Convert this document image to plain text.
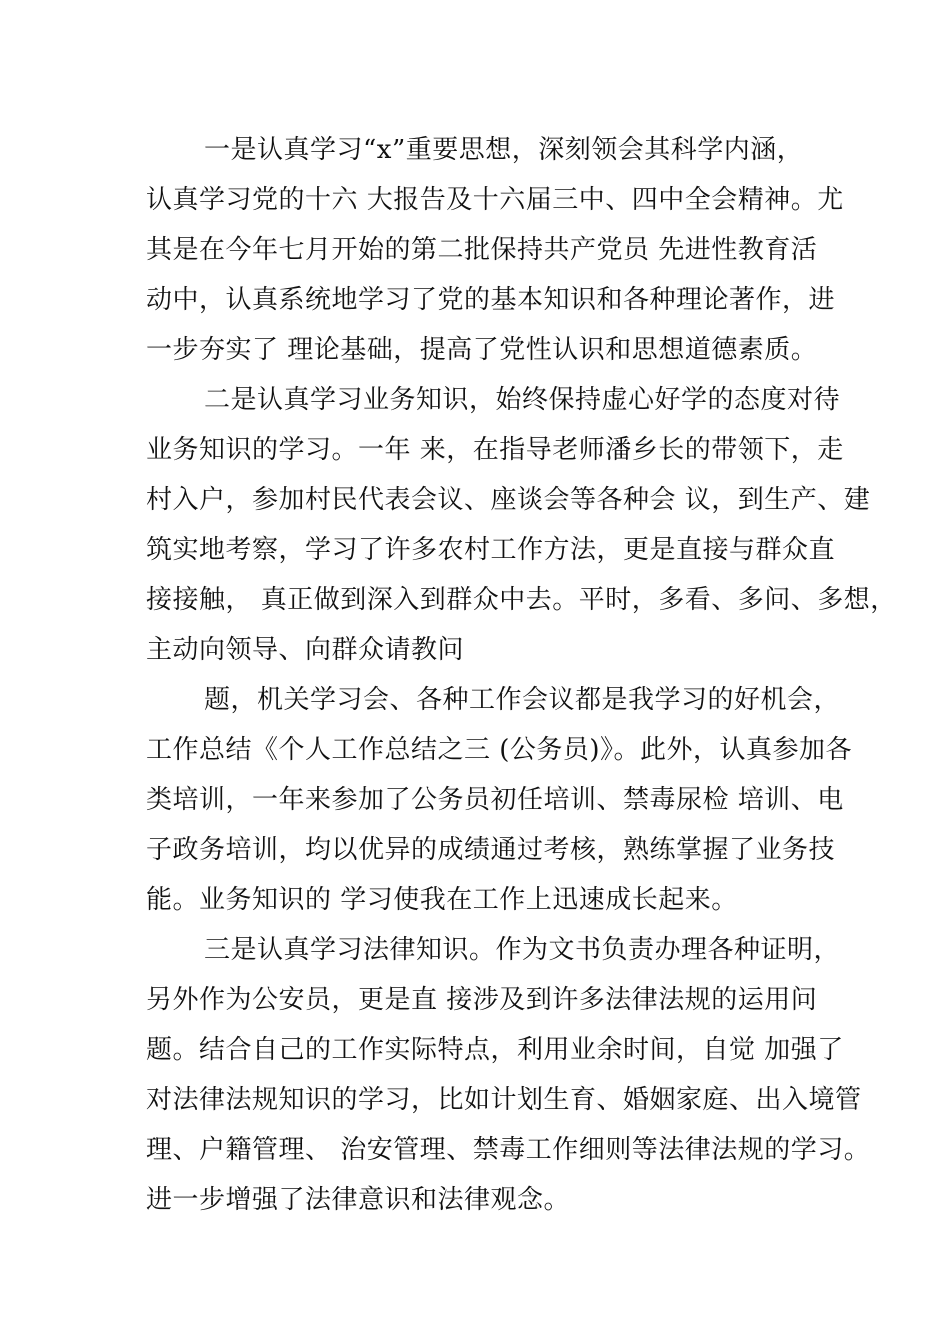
一是认真学习“x”重要思想，深刻领会其科学内涵，
认真学习党的十六 大报告及十六届三中、四中全会精神。尤
其是在今年七月开始的第二批保持共产党员 先进性教育活
动中，认真系统地学习了党的基本知识和各种理论著作，进
一步夯实了 理论基础，提高了党性认识和思想道德素质。
二是认真学习业务知识，始终保持虚心好学的态度对待
业务知识的学习。一年 来，在指导老师潘乡长的带领下，走
村入户，参加村民代表会议、座谈会等各种会 议，到生产、建
筑实地考察，学习了许多农村工作方法，更是直接与群众直
接接触， 真正做到深入到群众中去。平时，多看、多问、多想，
主动向领导、向群众请教问
题，机关学习会、各种工作会议都是我学习的好机会，
工作总结《个人工作总结之三 (公务员)》。此外，认真参加各
类培训，一年来参加了公务员初任培训、禁毒尿检 培训、电
子政务培训，均以优异的成绩通过考核，熟练掌握了业务技
能。业务知识的 学习使我在工作上迅速成长起来。
三是认真学习法律知识。作为文书负责办理各种证明，
另外作为公安员，更是直 接涉及到许多法律法规的运用问
题。结合自己的工作实际特点，利用业余时间，自觉 加强了
对法律法规知识的学习，比如计划生育、婚姻家庭、出入境管
理、户籍管理、 治安管理、禁毒工作细则等法律法规的学习。
进一步增强了法律意识和法律观念。
